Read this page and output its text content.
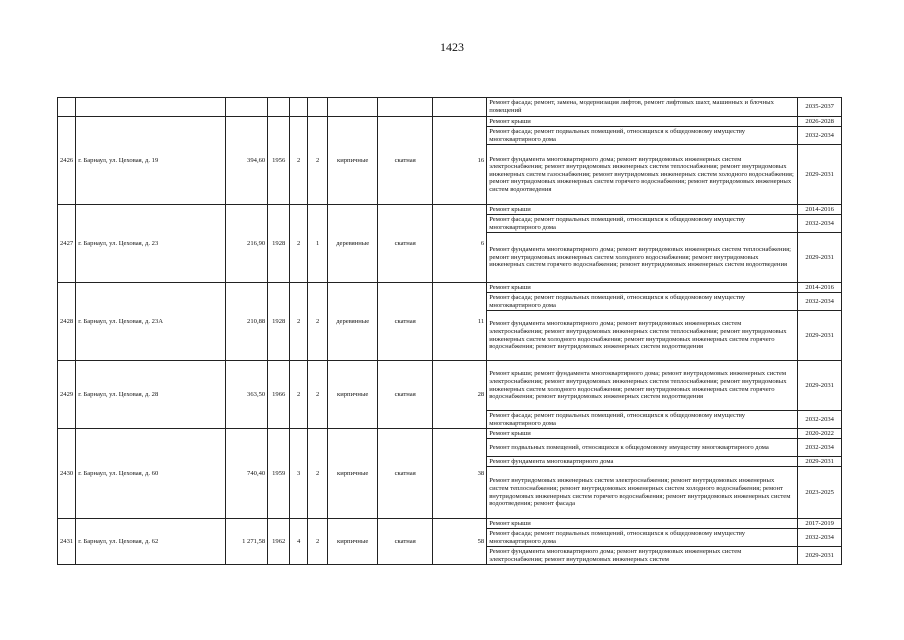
1423
									Ремонт фасада; ремонт, замена, модернизация лифтов, ремонт лифтовых шахт, машинных и блочных помещений	2035-2037
2426	г. Барнаул, ул. Цеховая, д. 19	394,60	1956	2	2	кирпичные	скатная	16	Ремонт крыши	2026-2028
									Ремонт фасада; ремонт подвальных помещений, относящихся к общедомовому имуществу многоквартирного дома	2032-2034
									Ремонт фундамента многоквартирного дома; ремонт внутридомовых инженерных систем электроснабжения; ремонт внутридомовых инженерных систем теплоснабжения; ремонт внутридомовых инженерных систем газоснабжения; ремонт внутридомовых инженерных систем холодного водоснабжения; ремонт внутридомовых инженерных систем горячего водоснабжения; ремонт внутридомовых инженерных систем водоотведения	2029-2031
2427	г. Барнаул, ул. Цеховая, д. 23	216,90	1928	2	1	деревянные	скатная	6	Ремонт крыши	2014-2016
									Ремонт фасада; ремонт подвальных помещений, относящихся к общедомовому имуществу многоквартирного дома	2032-2034
									Ремонт фундамента многоквартирного дома; ремонт внутридомовых инженерных систем теплоснабжения; ремонт внутридомовых инженерных систем холодного водоснабжения; ремонт внутридомовых инженерных систем горячего водоснабжения; ремонт внутридомовых инженерных систем водоотведения	2029-2031
2428	г. Барнаул, ул. Цеховая, д. 23А	210,88	1928	2	2	деревянные	скатная	11	Ремонт крыши	2014-2016
									Ремонт фасада; ремонт подвальных помещений, относящихся к общедомовому имуществу многоквартирного дома	2032-2034
									Ремонт фундамента многоквартирного дома; ремонт внутридомовых инженерных систем электроснабжения; ремонт внутридомовых инженерных систем теплоснабжения; ремонт внутридомовых инженерных систем холодного водоснабжения; ремонт внутридомовых инженерных систем горячего водоснабжения; ремонт внутридомовых инженерных систем водоотведения	2029-2031
2429	г. Барнаул, ул. Цеховая, д. 28	363,50	1966	2	2	кирпичные	скатная	28	Ремонт крыши; ремонт фундамента многоквартирного дома; ремонт внутридомовых инженерных систем электроснабжения; ремонт внутридомовых инженерных систем теплоснабжения; ремонт внутридомовых инженерных систем холодного водоснабжения; ремонт внутридомовых инженерных систем горячего водоснабжения; ремонт внутридомовых инженерных систем водоотведения	2029-2031
									Ремонт фасада; ремонт подвальных помещений, относящихся к общедомовому имуществу многоквартирного дома	2032-2034
2430	г. Барнаул, ул. Цеховая, д. 60	740,40	1959	3	2	кирпичные	скатная	38	Ремонт крыши	2020-2022
									Ремонт подвальных помещений, относящихся к общедомовому имуществу многоквартирного дома	2032-2034
									Ремонт фундамента многоквартирного дома	2029-2031
									Ремонт внутридомовых инженерных систем электроснабжения; ремонт внутридомовых инженерных систем теплоснабжения; ремонт внутридомовых инженерных систем холодного водоснабжения; ремонт внутридомовых инженерных систем горячего водоснабжения; ремонт внутридомовых инженерных систем водоотведения; ремонт фасада	2023-2025
2431	г. Барнаул, ул. Цеховая, д. 62	1 271,58	1962	4	2	кирпичные	скатная	58	Ремонт крыши	2017-2019
									Ремонт фасада; ремонт подвальных помещений, относящихся к общедомовому имуществу многоквартирного дома	2032-2034
									Ремонт фундамента многоквартирного дома; ремонт внутридомовых инженерных систем электроснабжения; ремонт внутридомовых инженерных систем	2029-2031
